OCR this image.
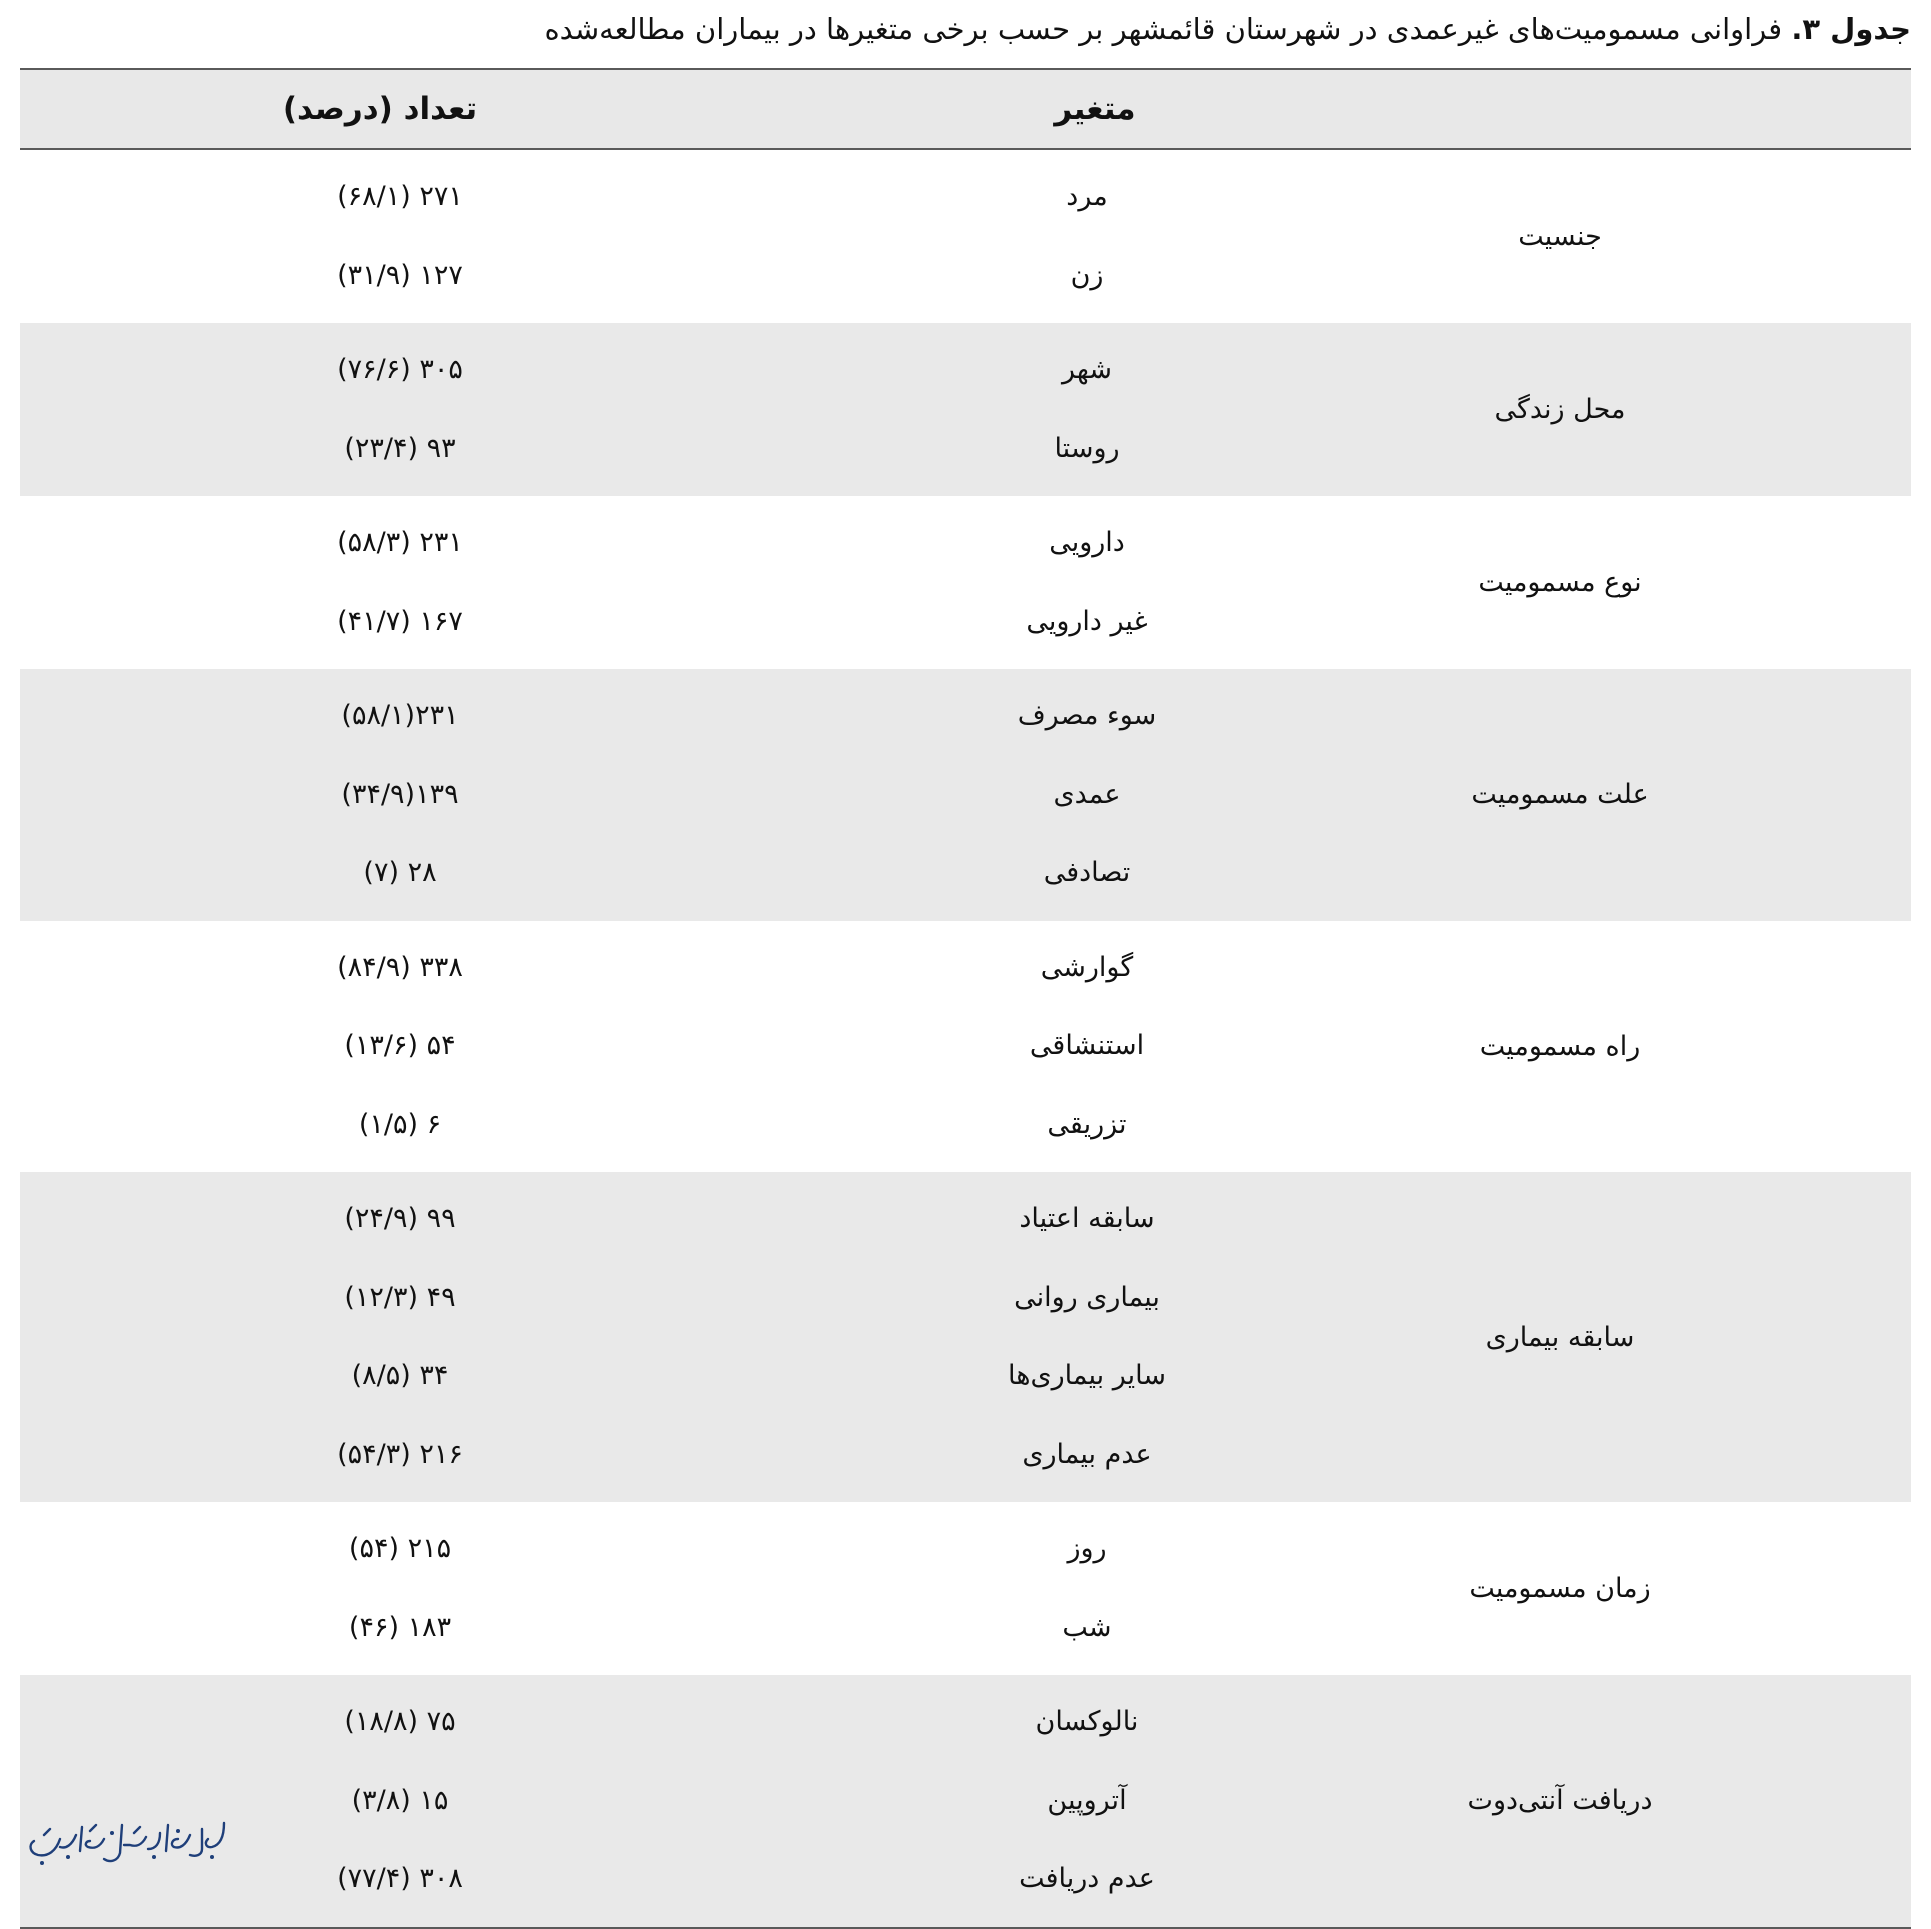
جدول ۳. فراوانی مسمومیت‌های غیرعمدی در شهرستان قائمشهر بر حسب برخی متغیرها در بیماران مطالعه‌شده
متغیر
تعداد (درصد)
جنسیت
مرد
۲۷۱ (۶۸/۱)
زن
۱۲۷ (۳۱/۹)
محل زندگی
شهر
۳۰۵ (۷۶/۶)
روستا
۹۳ (۲۳/۴)
نوع مسمومیت
دارویی
۲۳۱ (۵۸/۳)
غیر دارویی
۱۶۷ (۴۱/۷)
علت مسمومیت
سوء مصرف
۲۳۱(۵۸/۱)
عمدی
۱۳۹(۳۴/۹)
تصادفی
۲۸ (۷)
راه مسمومیت
گوارشی
۳۳۸ (۸۴/۹)
استنشاقی
۵۴ (۱۳/۶)
تزریقی
۶ (۱/۵)
سابقه بیماری
سابقه اعتیاد
۹۹ (۲۴/۹)
بیماری روانی
۴۹ (۱۲/۳)
سایر بیماری‌ها
۳۴ (۸/۵)
عدم بیماری
۲۱۶ (۵۴/۳)
زمان مسمومیت
روز
۲۱۵ (۵۴)
شب
۱۸۳ (۴۶)
دریافت آنتی‌دوت
نالوکسان
۷۵ (۱۸/۸)
آتروپین
۱۵ (۳/۸)
عدم دریافت
۳۰۸ (۷۷/۴)
